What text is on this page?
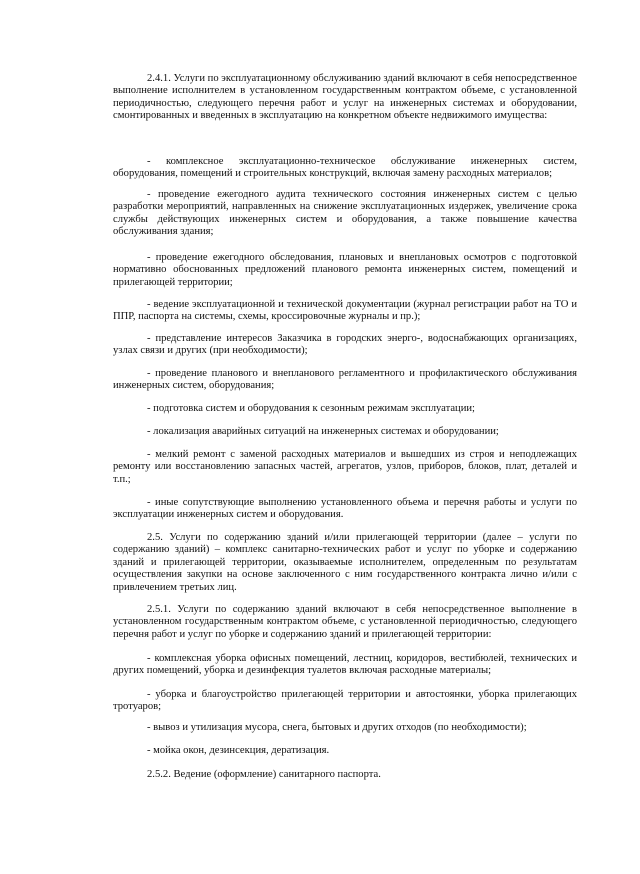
2.4.1. Услуги по эксплуатационному обслуживанию зданий включают в себя непосредственное выполнение исполнителем в установленном государственным контрактом объеме, с установленной периодичностью, следующего перечня работ и услуг на инженерных системах и оборудовании, смонтированных и введенных в эксплуатацию на конкретном объекте недвижимого имущества:

- комплексное эксплуатационно-техническое обслуживание инженерных систем, оборудования, помещений и строительных конструкций, включая замену расходных материалов;

- проведение ежегодного аудита технического состояния инженерных систем с целью разработки мероприятий, направленных на снижение эксплуатационных издержек, увеличение срока службы действующих инженерных систем и оборудования, а также повышение качества обслуживания здания;

- проведение ежегодного обследования, плановых и внеплановых осмотров с подготовкой нормативно обоснованных предложений планового ремонта инженерных систем, помещений и прилегающей территории;

- ведение эксплуатационной и технической документации (журнал регистрации работ на ТО и ППР, паспорта на системы, схемы, кроссировочные журналы и пр.);

- представление интересов Заказчика в городских энерго-, водоснабжающих организациях, узлах связи и других (при необходимости);

- проведение планового и внепланового регламентного и профилактического обслуживания инженерных систем, оборудования;

- подготовка систем и оборудования к сезонным режимам эксплуатации;

- локализация аварийных ситуаций на инженерных системах и оборудовании;

- мелкий ремонт с заменой расходных материалов и вышедших из строя и неподлежащих ремонту или восстановлению запасных частей, агрегатов, узлов, приборов, блоков, плат, деталей и т.п.;

- иные сопутствующие выполнению установленного объема и перечня работы и услуги по эксплуатации инженерных систем и оборудования.

2.5. Услуги по содержанию зданий и/или прилегающей территории (далее – услуги по содержанию зданий) – комплекс санитарно-технических работ и услуг по уборке и содержанию зданий и прилегающей территории, оказываемые исполнителем, определенным по результатам осуществления закупки на основе заключенного с ним государственного контракта лично и/или с привлечением третьих лиц.

2.5.1. Услуги по содержанию зданий включают в себя непосредственное выполнение в установленном государственным контрактом объеме, с установленной периодичностью, следующего перечня работ и услуг по уборке и содержанию зданий и прилегающей территории:

- комплексная уборка офисных помещений, лестниц, коридоров, вестибюлей, технических и других помещений, уборка и дезинфекция туалетов включая расходные материалы;

- уборка и благоустройство прилегающей территории и автостоянки, уборка прилегающих тротуаров;

- вывоз и утилизация мусора, снега, бытовых и других отходов (по необходимости);

- мойка окон, дезинсекция, дератизация.

2.5.2. Ведение (оформление) санитарного паспорта.
